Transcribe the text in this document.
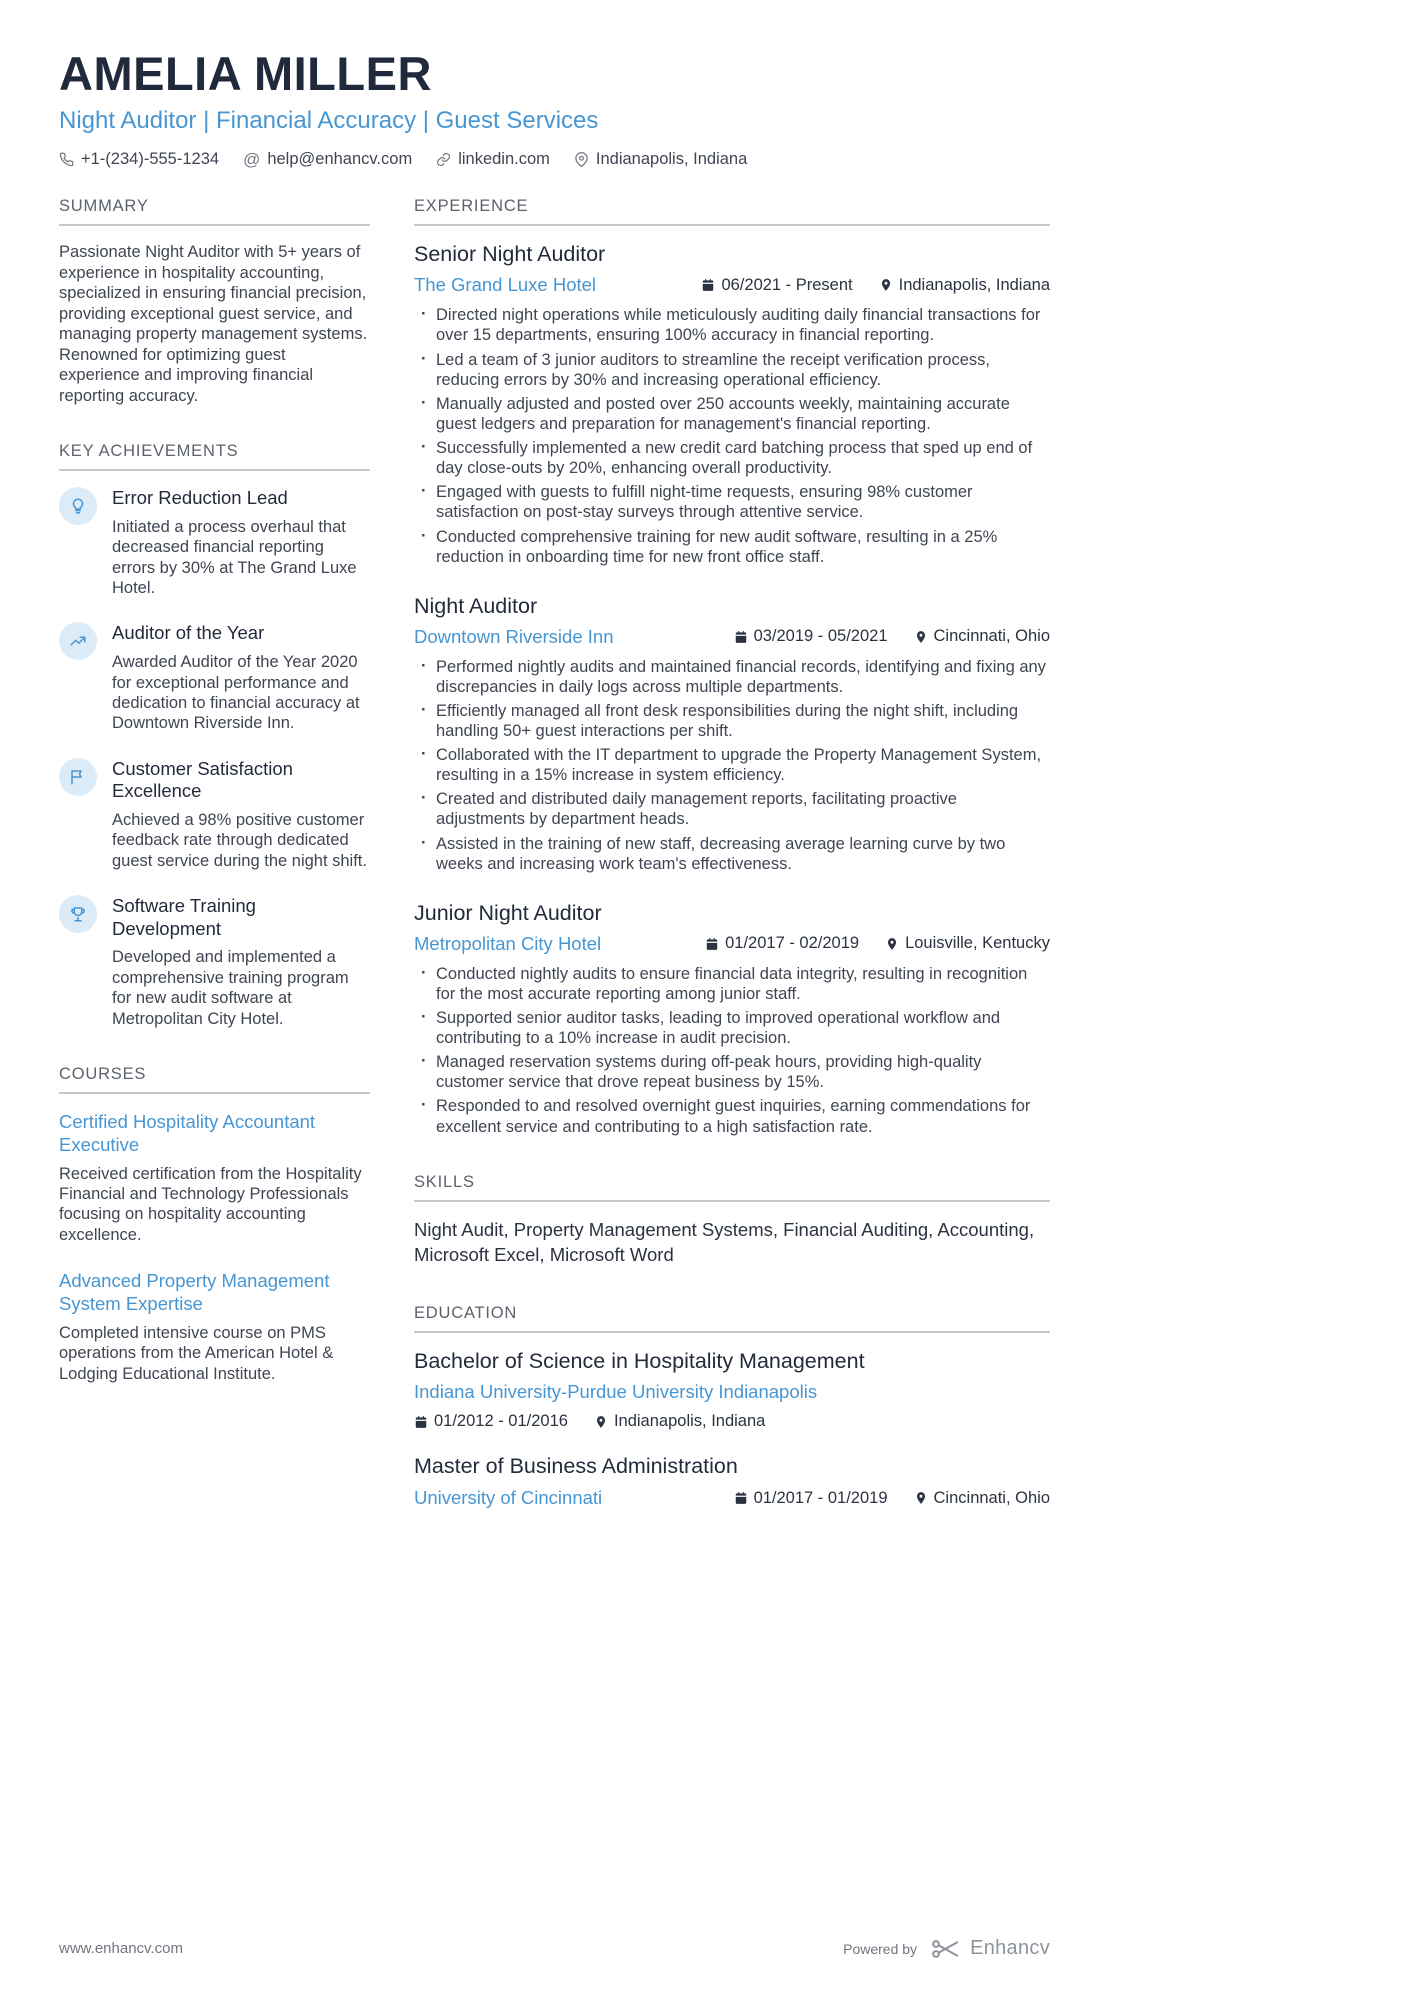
AMELIA MILLER
Night Auditor | Financial Accuracy | Guest Services
+1-(234)-555-1234 @ help@enhancv.com	linkedin.com	Indianapolis, Indiana
SUMMARY

Passionate Night Auditor with 5+ years of experience in hospitality accounting, specialized in ensuring financial precision, providing exceptional guest service, and managing property management systems. Renowned for optimizing guest experience and improving financial reporting accuracy.

KEY ACHIEVEMENTS
Error Reduction Lead
Initiated a process overhaul that decreased financial reporting errors by 30% at The Grand Luxe Hotel.
Auditor of the Year
Awarded Auditor of the Year 2020 for exceptional performance and dedication to financial accuracy at Downtown Riverside Inn.
Customer Satisfaction Excellence
Achieved a 98% positive customer feedback rate through dedicated guest service during the night shift.
Software Training Development
Developed and implemented a comprehensive training program for new audit software at Metropolitan City Hotel.
COURSES
Certified Hospitality Accountant Executive
Received certification from the Hospitality Financial and Technology Professionals focusing on hospitality accounting excellence.
Advanced Property Management System Expertise
Completed intensive course on PMS operations from the American Hotel & Lodging Educational Institute.
EXPERIENCE
Senior Night Auditor
The Grand Luxe Hotel	06/2021 - Present	Indianapolis, Indiana
· Directed night operations while meticulously auditing daily financial transactions for over 15 departments, ensuring 100% accuracy in financial reporting.
· Led a team of 3 junior auditors to streamline the receipt verification process, reducing errors by 30% and increasing operational efficiency.
· Manually adjusted and posted over 250 accounts weekly, maintaining accurate guest ledgers and preparation for management's financial reporting.
· Successfully implemented a new credit card batching process that sped up end of day close-outs by 20%, enhancing overall productivity.
· Engaged with guests to fulfill night-time requests, ensuring 98% customer satisfaction on post-stay surveys through attentive service.
· Conducted comprehensive training for new audit software, resulting in a 25% reduction in onboarding time for new front office staff.
Night Auditor
Downtown Riverside Inn	03/2019 - 05/2021	Cincinnati, Ohio
· Performed nightly audits and maintained financial records, identifying and fixing any discrepancies in daily logs across multiple departments.
· Efficiently managed all front desk responsibilities during the night shift, including handling 50+ guest interactions per shift.
· Collaborated with the IT department to upgrade the Property Management System, resulting in a 15% increase in system efficiency.
· Created and distributed daily management reports, facilitating proactive adjustments by department heads.
· Assisted in the training of new staff, decreasing average learning curve by two weeks and increasing work team's effectiveness.
Junior Night Auditor
Metropolitan City Hotel	01/2017 - 02/2019	Louisville, Kentucky
· Conducted nightly audits to ensure financial data integrity, resulting in recognition for the most accurate reporting among junior staff.
· Supported senior auditor tasks, leading to improved operational workflow and contributing to a 10% increase in audit precision.
· Managed reservation systems during off-peak hours, providing high-quality customer service that drove repeat business by 15%.
· Responded to and resolved overnight guest inquiries, earning commendations for excellent service and contributing to a high satisfaction rate.
SKILLS

Night Audit, Property Management Systems, Financial Auditing, Accounting, Microsoft Excel, Microsoft Word

EDUCATION
Bachelor of Science in Hospitality Management
Indiana University-Purdue University Indianapolis
01/2012 - 01/2016	Indianapolis, Indiana
Master of Business Administration
University of Cincinnati	01/2017 - 01/2019	Cincinnati, Ohio
www.enhancv.com	Powered by	Enhancv
